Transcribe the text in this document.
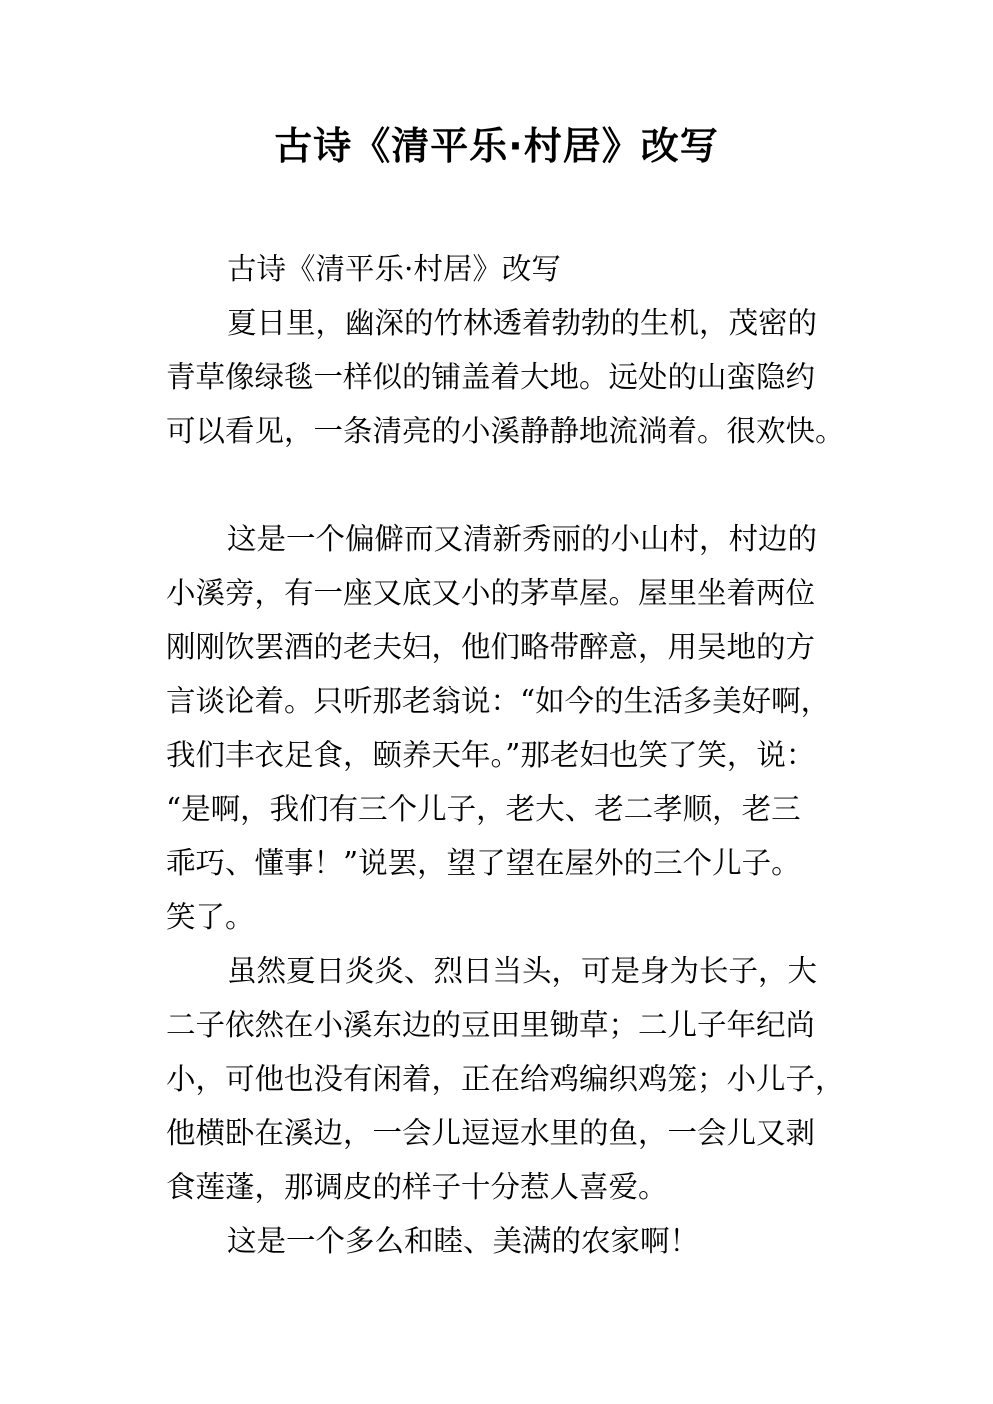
古诗《清平乐·村居》改写
古诗《清平乐·村居》改写
夏日里，幽深的竹林透着勃勃的生机，茂密的
青草像绿毯一样似的铺盖着大地。远处的山蛮隐约
可以看见，一条清亮的小溪静静地流淌着。很欢快。
这是一个偏僻而又清新秀丽的小山村，村边的
小溪旁，有一座又底又小的茅草屋。屋里坐着两位
刚刚饮罢酒的老夫妇，他们略带醉意，用吴地的方
言谈论着。只听那老翁说：“如今的生活多美好啊，
我们丰衣足食，颐养天年。”那老妇也笑了笑，说：
“是啊，我们有三个儿子，老大、老二孝顺，老三
乖巧、懂事！”说罢，望了望在屋外的三个儿子。
笑了。
虽然夏日炎炎、烈日当头，可是身为长子，大
二子依然在小溪东边的豆田里锄草；二儿子年纪尚
小，可他也没有闲着，正在给鸡编织鸡笼；小儿子，
他横卧在溪边，一会儿逗逗水里的鱼，一会儿又剥
食莲蓬，那调皮的样子十分惹人喜爱。
这是一个多么和睦、美满的农家啊！
